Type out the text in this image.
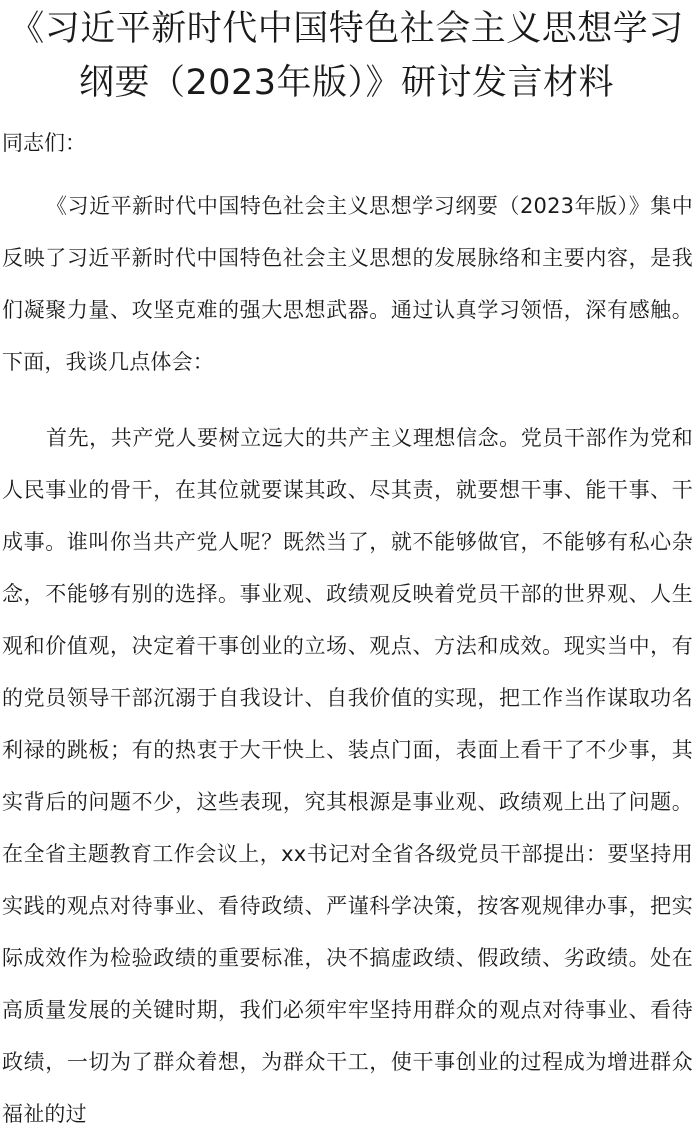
《习近平新时代中国特色社会主义思想学习纲要（2023年版）》研讨发言材料

同志们：

《习近平新时代中国特色社会主义思想学习纲要（2023年版）》集中反映了习近平新时代中国特色社会主义思想的发展脉络和主要内容，是我们凝聚力量、攻坚克难的强大思想武器。通过认真学习领悟，深有感触。下面，我谈几点体会：

首先，共产党人要树立远大的共产主义理想信念。党员干部作为党和人民事业的骨干，在其位就要谋其政、尽其责，就要想干事、能干事、干成事。谁叫你当共产党人呢？既然当了，就不能够做官，不能够有私心杂念，不能够有别的选择。事业观、政绩观反映着党员干部的世界观、人生观和价值观，决定着干事创业的立场、观点、方法和成效。现实当中，有的党员领导干部沉溺于自我设计、自我价值的实现，把工作当作谋取功名利禄的跳板；有的热衷于大干快上、装点门面，表面上看干了不少事，其实背后的问题不少，这些表现，究其根源是事业观、政绩观上出了问题。在全省主题教育工作会议上，xx书记对全省各级党员干部提出：要坚持用实践的观点对待事业、看待政绩、严谨科学决策，按客观规律办事，把实际成效作为检验政绩的重要标准，决不搞虚政绩、假政绩、劣政绩。处在高质量发展的关键时期，我们必须牢牢坚持用群众的观点对待事业、看待政绩，一切为了群众着想，为群众干工，使干事创业的过程成为增进群众福祉的过
